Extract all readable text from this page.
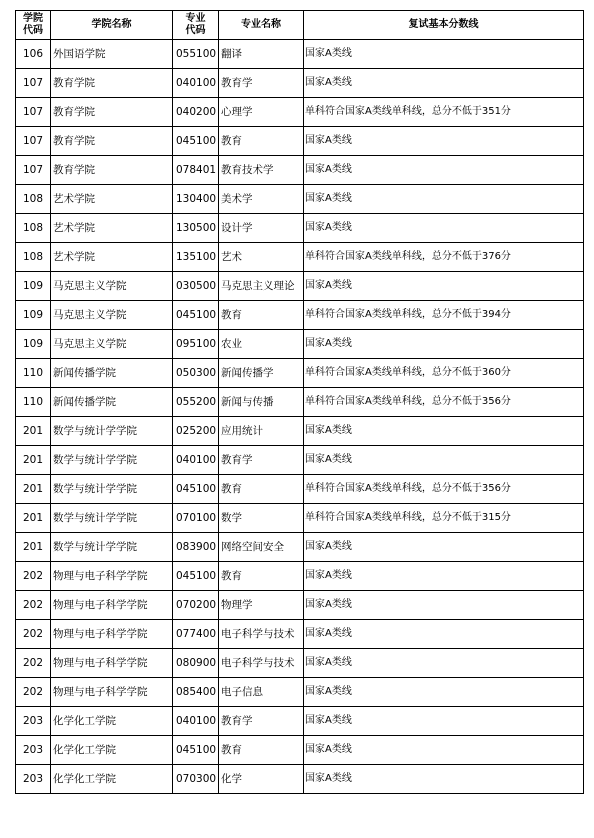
学院代码	学院名称	专业代码	专业名称	复试基本分数线
106	外国语学院	055100	翻译	国家A类线
107	教育学院	040100	教育学	国家A类线
107	教育学院	040200	心理学	单科符合国家A类线单科线，总分不低于351分
107	教育学院	045100	教育	国家A类线
107	教育学院	078401	教育技术学	国家A类线
108	艺术学院	130400	美术学	国家A类线
108	艺术学院	130500	设计学	国家A类线
108	艺术学院	135100	艺术	单科符合国家A类线单科线，总分不低于376分
109	马克思主义学院	030500	马克思主义理论	国家A类线
109	马克思主义学院	045100	教育	单科符合国家A类线单科线，总分不低于394分
109	马克思主义学院	095100	农业	国家A类线
110	新闻传播学院	050300	新闻传播学	单科符合国家A类线单科线，总分不低于360分
110	新闻传播学院	055200	新闻与传播	单科符合国家A类线单科线，总分不低于356分
201	数学与统计学学院	025200	应用统计	国家A类线
201	数学与统计学学院	040100	教育学	国家A类线
201	数学与统计学学院	045100	教育	单科符合国家A类线单科线，总分不低于356分
201	数学与统计学学院	070100	数学	单科符合国家A类线单科线，总分不低于315分
201	数学与统计学学院	083900	网络空间安全	国家A类线
202	物理与电子科学学院	045100	教育	国家A类线
202	物理与电子科学学院	070200	物理学	国家A类线
202	物理与电子科学学院	077400	电子科学与技术	国家A类线
202	物理与电子科学学院	080900	电子科学与技术	国家A类线
202	物理与电子科学学院	085400	电子信息	国家A类线
203	化学化工学院	040100	教育学	国家A类线
203	化学化工学院	045100	教育	国家A类线
203	化学化工学院	070300	化学	国家A类线
